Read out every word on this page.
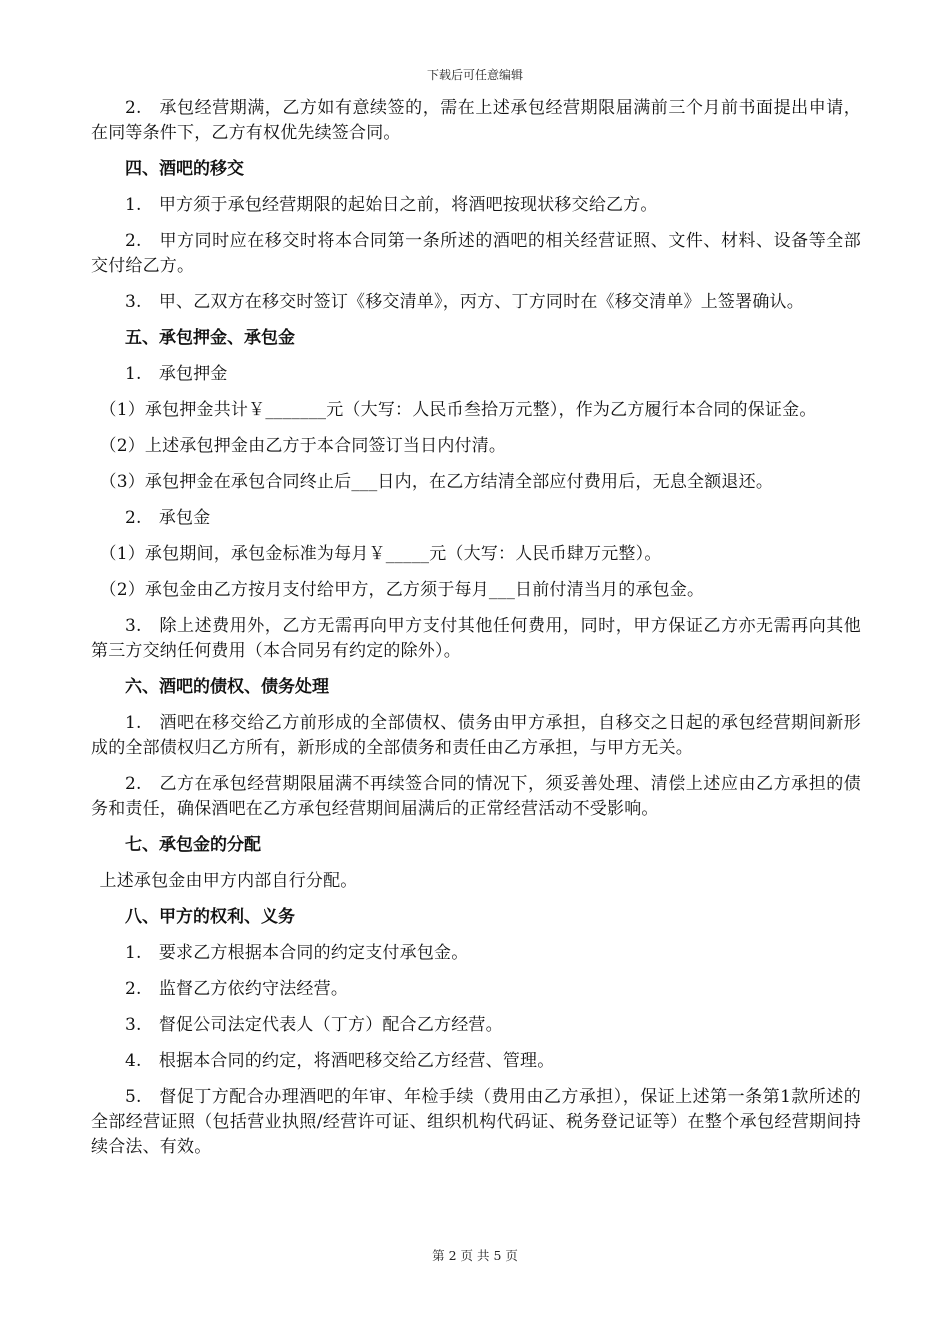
下载后可任意编辑

2.　承包经营期满，乙方如有意续签的，需在上述承包经营期限届满前三个月前书面提出申请，在同等条件下，乙方有权优先续签合同。

四、酒吧的移交

1.　甲方须于承包经营期限的起始日之前，将酒吧按现状移交给乙方。

2.　甲方同时应在移交时将本合同第一条所述的酒吧的相关经营证照、文件、材料、设备等全部交付给乙方。

3.　甲、乙双方在移交时签订《移交清单》，丙方、丁方同时在《移交清单》上签署确认。

五、承包押金、承包金

1.　承包押金

（1）承包押金共计￥_______元（大写：人民币叁拾万元整），作为乙方履行本合同的保证金。

（2）上述承包押金由乙方于本合同签订当日内付清。

（3）承包押金在承包合同终止后___日内，在乙方结清全部应付费用后，无息全额退还。

2.　承包金

（1）承包期间，承包金标准为每月￥_____元（大写：人民币肆万元整）。

（2）承包金由乙方按月支付给甲方，乙方须于每月___日前付清当月的承包金。

3.　除上述费用外，乙方无需再向甲方支付其他任何费用，同时，甲方保证乙方亦无需再向其他第三方交纳任何费用（本合同另有约定的除外）。

六、酒吧的债权、债务处理

1.　酒吧在移交给乙方前形成的全部债权、债务由甲方承担，自移交之日起的承包经营期间新形成的全部债权归乙方所有，新形成的全部债务和责任由乙方承担，与甲方无关。

2.　乙方在承包经营期限届满不再续签合同的情况下，须妥善处理、清偿上述应由乙方承担的债务和责任，确保酒吧在乙方承包经营期间届满后的正常经营活动不受影响。

七、承包金的分配

上述承包金由甲方内部自行分配。

八、甲方的权利、义务

1.　要求乙方根据本合同的约定支付承包金。

2.　监督乙方依约守法经营。

3.　督促公司法定代表人（丁方）配合乙方经营。

4.　根据本合同的约定，将酒吧移交给乙方经营、管理。

5.　督促丁方配合办理酒吧的年审、年检手续（费用由乙方承担），保证上述第一条第1款所述的全部经营证照（包括营业执照/经营许可证、组织机构代码证、税务登记证等）在整个承包经营期间持续合法、有效。

第 2 页 共 5 页
